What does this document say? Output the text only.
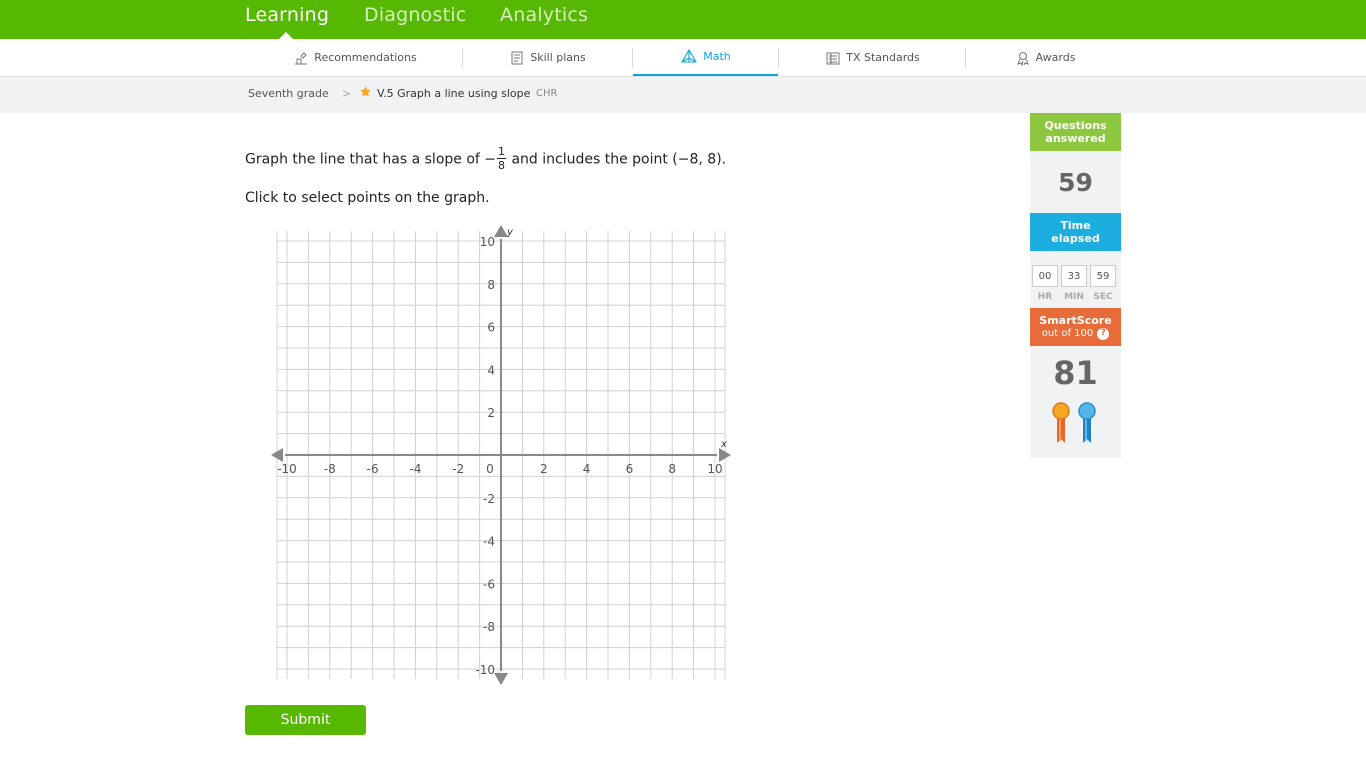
Learning Diagnostic Analytics
Recommendations	Skill plans	Math	TX Standards	Awards
Seventh grade > V.5 Graph a line using slope CHR
Graph the line that has a slope of − $\frac{1}{8}$ and includes the point (−8, 8).
Click to select points on the graph.
x
y
-10 -8	-6	-4	-2 0	2	4	6	8	10
10
8
6
4
2
-2
-4
-6
-8
-10
Submit
Questions
answered
59
Time
elapsed
00	33	59
HR	MIN	SEC
SmartScore
out of 100 ?
81
